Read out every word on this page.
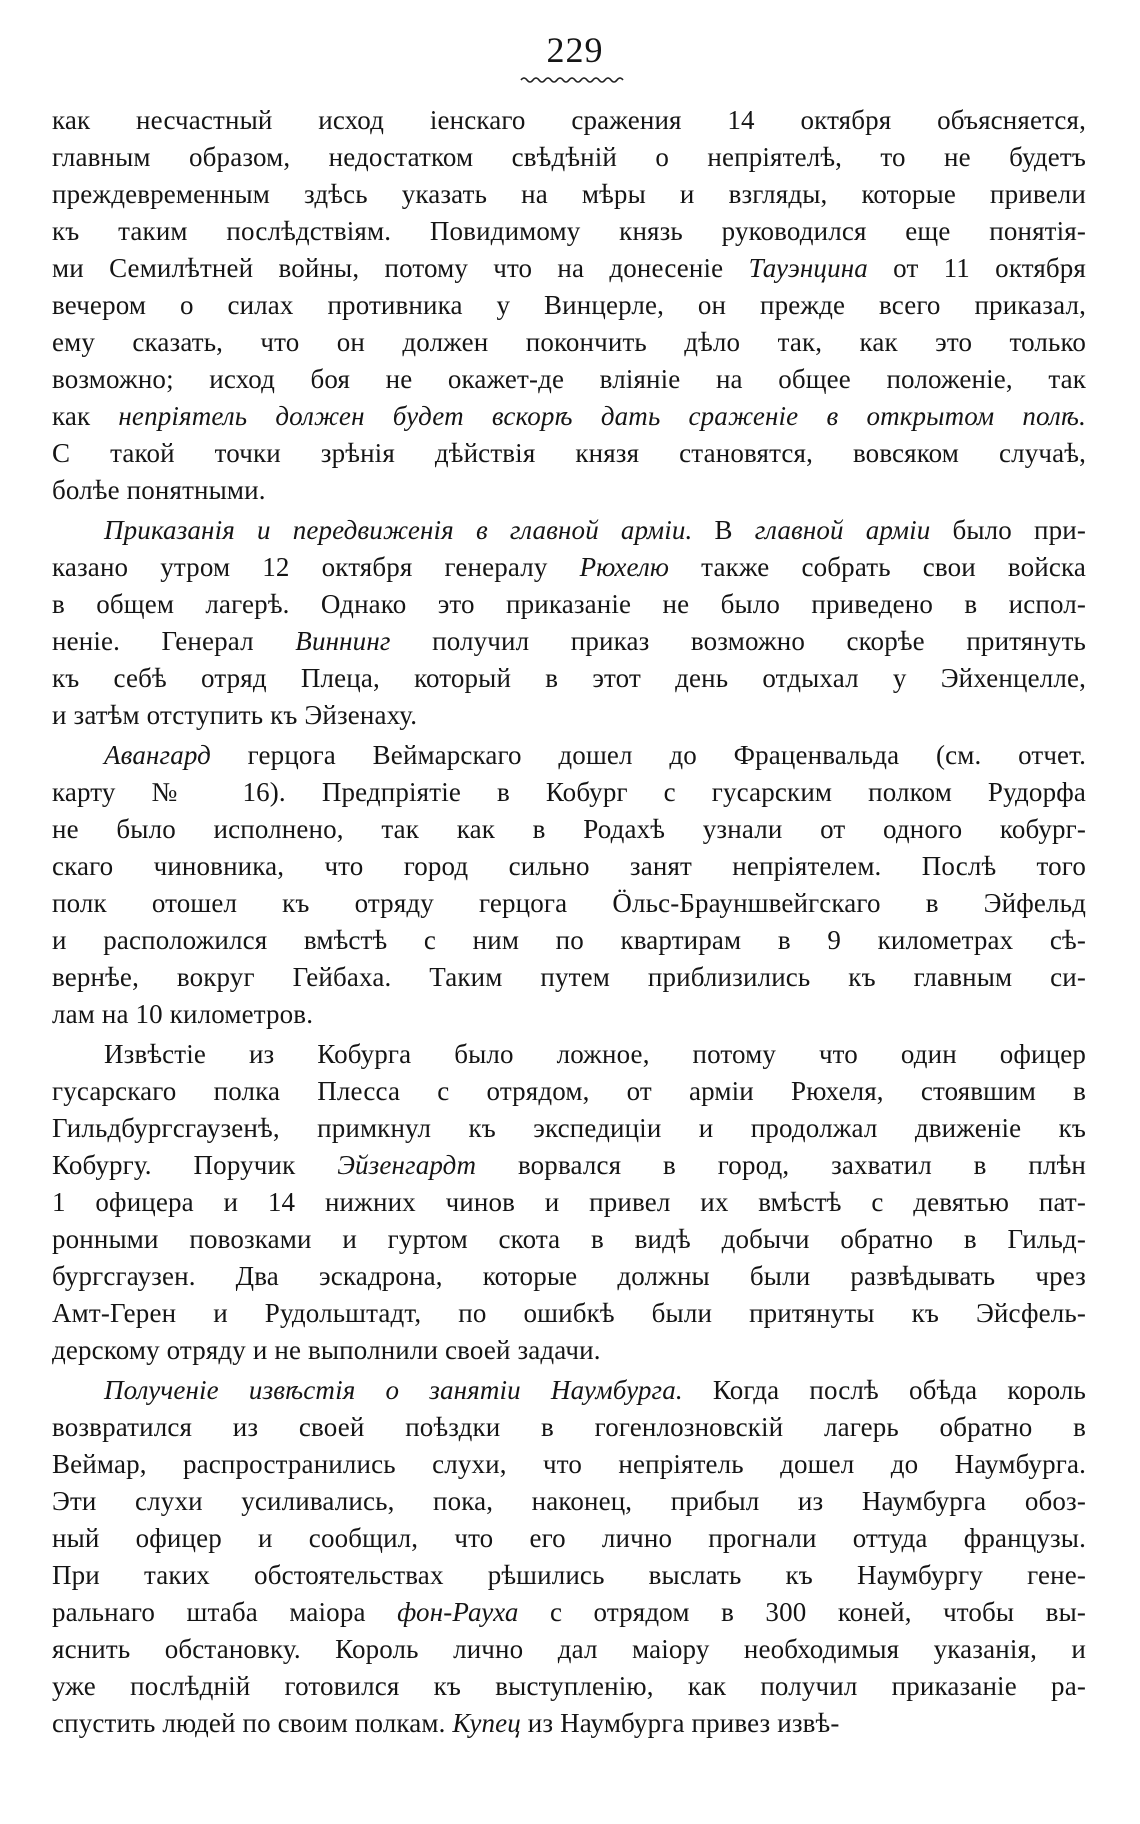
229

как несчастный исход іенскаго сражения 14 октября объясняется,
главным образом, недостатком свѣдѣній о непріятелѣ, то не будетъ
преждевременным здѣсь указать на мѣры и взгляды, которые привели
къ таким послѣдствіям. Повидимому князь руководился еще понятія-
ми Семилѣтней войны, потому что на донесеніе Тауэнцина от 11 октября
вечером о силах противника у Винцерле, он прежде всего приказал,
ему сказать, что он должен покончить дѣло так, как это только
возможно; исход боя не окажет-де вліяніе на общее положеніе, так
как непріятель должен будет вскорѣ дать сраженіе в открытом полѣ.
С такой точки зрѣнія дѣйствія князя становятся, вовсяком случаѣ,
болѣе понятными.

Приказанія и передвиженія в главной арміи. В главной арміи было при-
казано утром 12 октября генералу Рюхелю также собрать свои войска
в общем лагерѣ. Однако это приказаніе не было приведено в испол-
неніе. Генерал Виннинг получил приказ возможно скорѣе притянуть
къ себѣ отряд Плеца, который в этот день отдыхал у Эйхенцелле,
и затѣм отступить къ Эйзенаху.

Авангард герцога Веймарскаго дошел до Фраценвальда (см. отчет.
карту № 16). Предпріятіе в Кобург с гусарским полком Рудорфа
не было исполнено, так как в Родахѣ узнали от одного кобург-
скаго чиновника, что город сильно занят непріятелем. Послѣ того
полк отошел къ отряду герцога Öльс-Брауншвейгскаго в Эйфельд
и расположился вмѣстѣ с ним по квартирам в 9 километрах сѣ-
вернѣе, вокруг Гейбаха. Таким путем приблизились къ главным си-
лам на 10 километров.

Извѣстіе из Кобурга было ложное, потому что один офицер
гусарскаго полка Плесса с отрядом, от арміи Рюхеля, стоявшим в
Гильдбургсгаузенѣ, примкнул къ экспедиціи и продолжал движеніе къ
Кобургу. Поручик Эйзенгардт ворвался в город, захватил в плѣн
1 офицера и 14 нижних чинов и привел их вмѣстѣ с девятью пат-
ронными повозками и гуртом скота в видѣ добычи обратно в Гильд-
бургсгаузен. Два эскадрона, которые должны были развѣдывать чрез
Амт-Герен и Рудольштадт, по ошибкѣ были притянуты къ Эйсфель-
дерскому отряду и не выполнили своей задачи.

Полученіе извѣстія о занятіи Наумбурга. Когда послѣ обѣда король
возвратился из своей поѣздки в гогенлозновскій лагерь обратно в
Веймар, распространились слухи, что непріятель дошел до Наумбурга.
Эти слухи усиливались, пока, наконец, прибыл из Наумбурга обоз-
ный офицер и сообщил, что его лично прогнали оттуда французы.
При таких обстоятельствах рѣшились выслать къ Наумбургу гене-
ральнаго штаба маіора фон-Рауха с отрядом в 300 коней, чтобы вы-
яснить обстановку. Король лично дал маіору необходимыя указанія, и
уже послѣдній готовился къ выступленію, как получил приказаніе ра-
спустить людей по своим полкам. Купец из Наумбурга привез извѣ-
